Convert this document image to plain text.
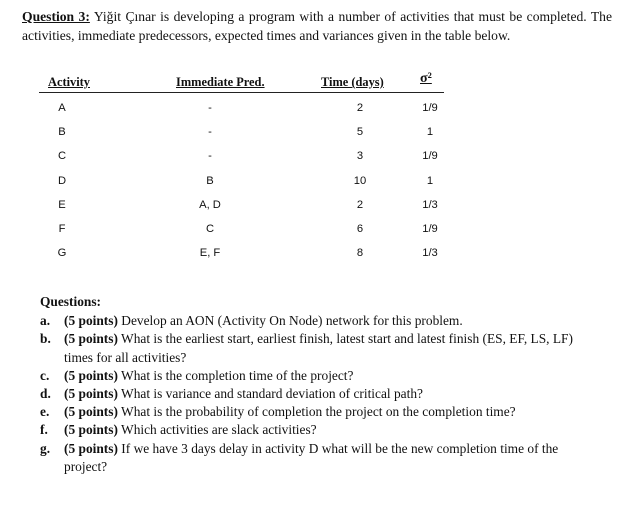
Question 3: Yiğit Çınar is developing a program with a number of activities that must be completed. The activities, immediate predecessors, expected times and variances given in the table below.
Activity	Immediate Pred.	Time (days)	σ²
A	-	2	1/9
B	-	5	1
C	-	3	1/9
D	B	10	1
E	A, D	2	1/3
F	C	6	1/9
G	E, F	8	1/3
Questions:
a. (5 points) Develop an AON (Activity On Node) network for this problem.
b. (5 points) What is the earliest start, earliest finish, latest start and latest finish (ES, EF, LS, LF) times for all activities?
c. (5 points) What is the completion time of the project?
d. (5 points) What is variance and standard deviation of critical path?
e. (5 points) What is the probability of completion the project on the completion time?
f. (5 points) Which activities are slack activities?
g. (5 points) If we have 3 days delay in activity D what will be the new completion time of the project?
